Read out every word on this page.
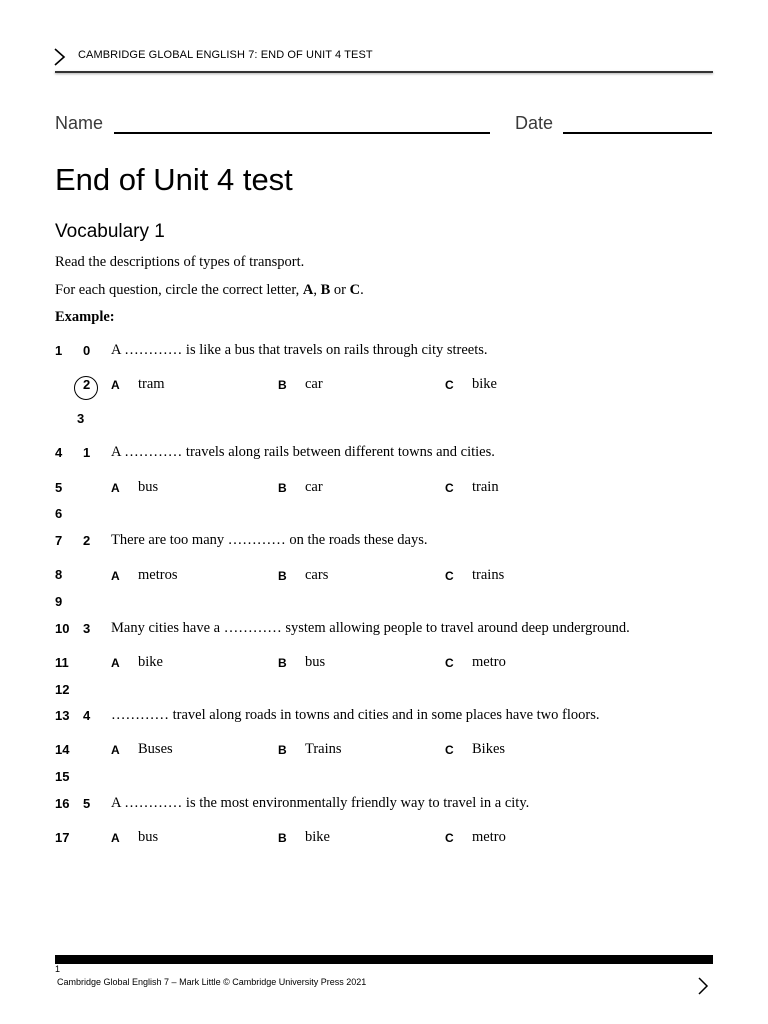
CAMBRIDGE GLOBAL ENGLISH 7: END OF UNIT 4 TEST
Name	Date
End of Unit 4 test
Vocabulary 1
Read the descriptions of types of transport.
For each question, circle the correct letter, A, B or C.
Example:
1
2
3
4
5
6
7
8
9
10
11
12
13
14
15
16
17
0 A ………… is like a bus that travels on rails through city streets.
A tram	B car	C bike
1 A ………… travels along rails between different towns and cities.
A bus	B car	C train
2 There are too many ………… on the roads these days.
A metros	B cars	C trains
3 Many cities have a ………… system allowing people to travel around deep underground.
A bike	B bus	C metro
4 ………… travel along roads in towns and cities and in some places have two floors.
A Buses	B Trains	C Bikes
5 A ………… is the most environmentally friendly way to travel in a city.
A bus	B bike	C metro
1
Cambridge Global English 7 – Mark Little © Cambridge University Press 2021
